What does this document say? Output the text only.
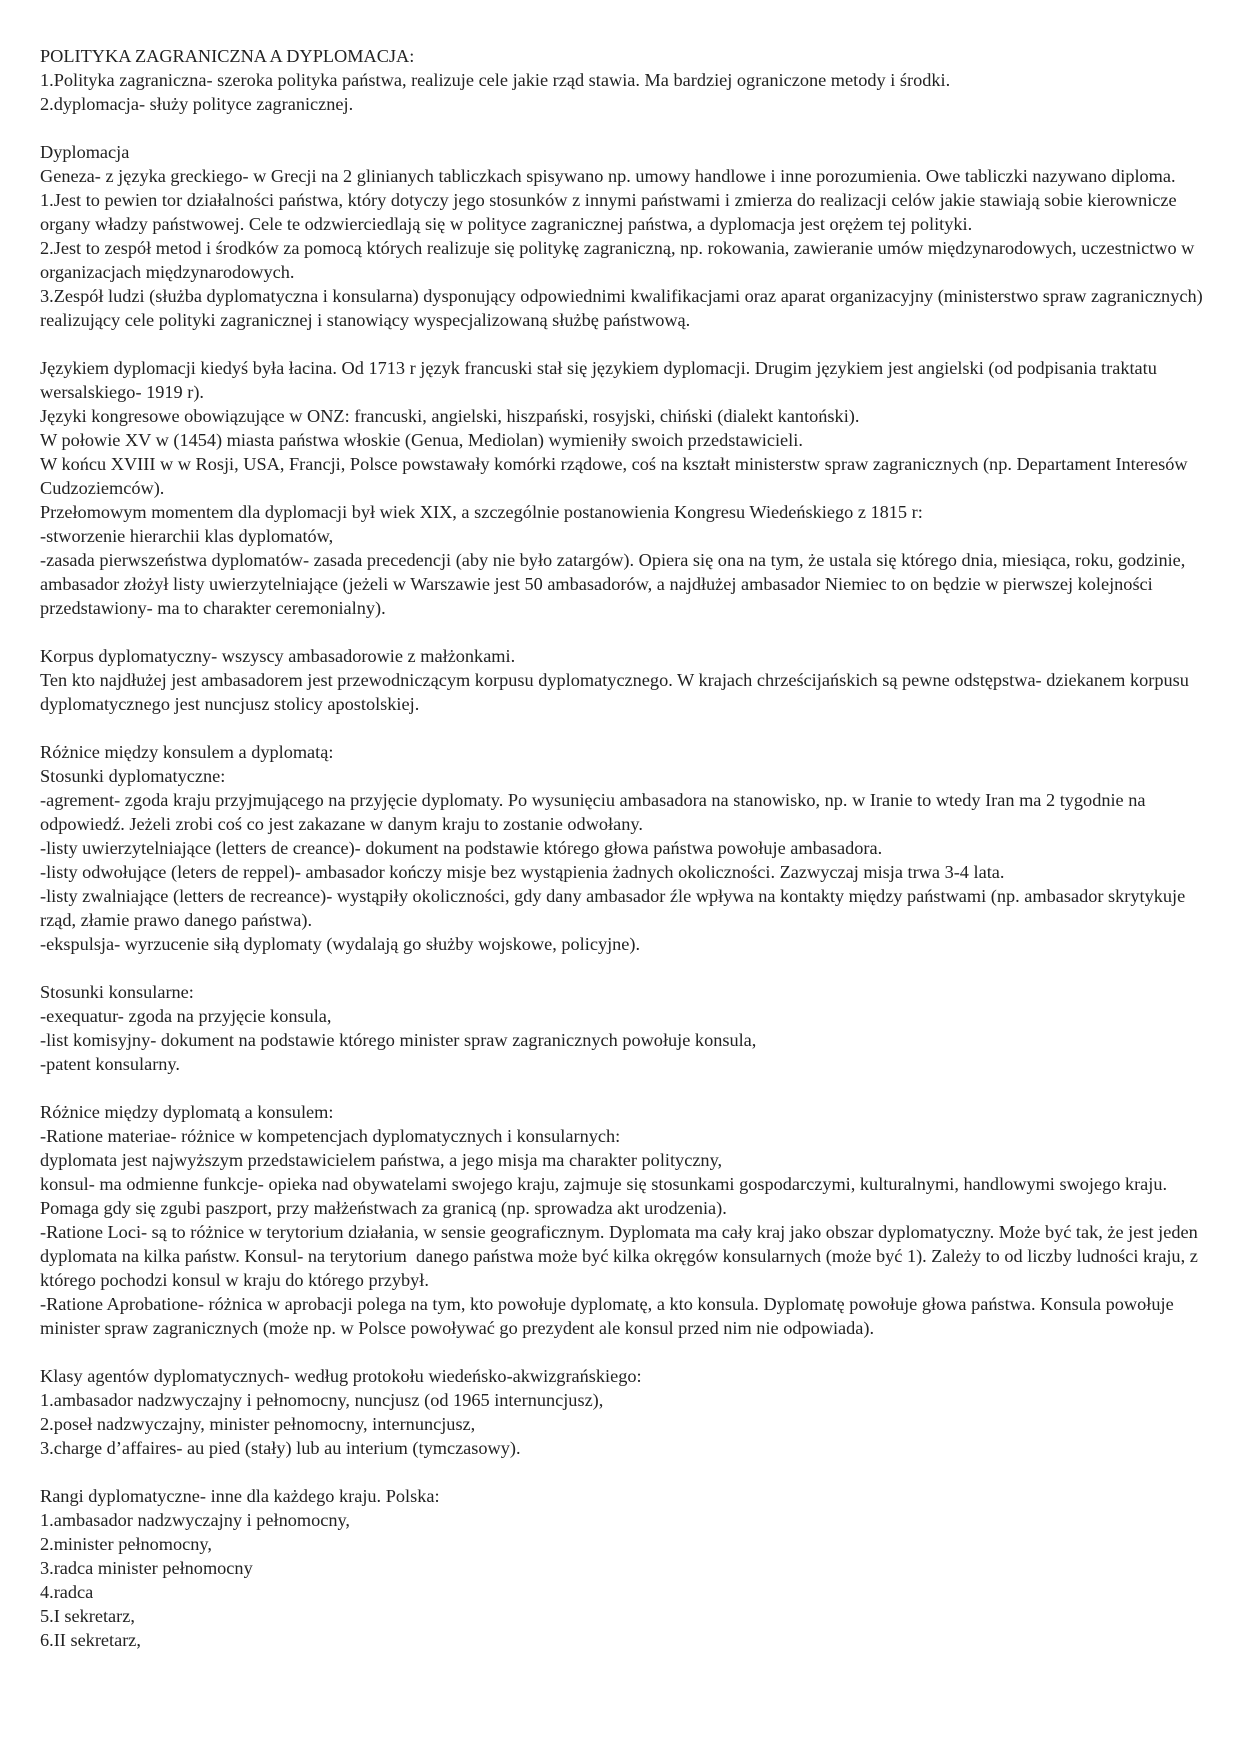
POLITYKA ZAGRANICZNA A DYPLOMACJA:

1.Polityka zagraniczna- szeroka polityka państwa, realizuje cele jakie rząd stawia. Ma bardziej ograniczone metody i środki.

2.dyplomacja- służy polityce zagranicznej.

Dyplomacja

Geneza- z języka greckiego- w Grecji na 2 glinianych tabliczkach spisywano np. umowy handlowe i inne porozumienia. Owe tabliczki nazywano diploma.

1.Jest to pewien tor działalności państwa, który dotyczy jego stosunków z innymi państwami i zmierza do realizacji celów jakie stawiają sobie kierownicze organy władzy państwowej. Cele te odzwierciedlają się w polityce zagranicznej państwa, a dyplomacja jest orężem tej polityki.

2.Jest to zespół metod i środków za pomocą których realizuje się politykę zagraniczną, np. rokowania, zawieranie umów międzynarodowych, uczestnictwo w organizacjach międzynarodowych.

3.Zespół ludzi (służba dyplomatyczna i konsularna) dysponujący odpowiednimi kwalifikacjami oraz aparat organizacyjny (ministerstwo spraw zagranicznych) realizujący cele polityki zagranicznej i stanowiący wyspecjalizowaną służbę państwową.

Językiem dyplomacji kiedyś była łacina. Od 1713 r język francuski stał się językiem dyplomacji. Drugim językiem jest angielski (od podpisania traktatu wersalskiego- 1919 r).

Języki kongresowe obowiązujące w ONZ: francuski, angielski, hiszpański, rosyjski, chiński (dialekt kantoński).

W połowie XV w (1454) miasta państwa włoskie (Genua, Mediolan) wymieniły swoich przedstawicieli.

W końcu XVIII w w Rosji, USA, Francji, Polsce powstawały komórki rządowe, coś na kształt ministerstw spraw zagranicznych (np. Departament Interesów Cudzoziemców).

Przełomowym momentem dla dyplomacji był wiek XIX, a szczególnie postanowienia Kongresu Wiedeńskiego z 1815 r:

-stworzenie hierarchii klas dyplomatów,

-zasada pierwszeństwa dyplomatów- zasada precedencji (aby nie było zatargów). Opiera się ona na tym, że ustala się którego dnia, miesiąca, roku, godzinie, ambasador złożył listy uwierzytelniające (jeżeli w Warszawie jest 50 ambasadorów, a najdłużej ambasador Niemiec to on będzie w pierwszej kolejności przedstawiony- ma to charakter ceremonialny).

Korpus dyplomatyczny- wszyscy ambasadorowie z małżonkami.

Ten kto najdłużej jest ambasadorem jest przewodniczącym korpusu dyplomatycznego. W krajach chrześcijańskich są pewne odstępstwa- dziekanem korpusu dyplomatycznego jest nuncjusz stolicy apostolskiej.

Różnice między konsulem a dyplomatą:

Stosunki dyplomatyczne:

-agrement- zgoda kraju przyjmującego na przyjęcie dyplomaty. Po wysunięciu ambasadora na stanowisko, np. w Iranie to wtedy Iran ma 2 tygodnie na odpowiedź. Jeżeli zrobi coś co jest zakazane w danym kraju to zostanie odwołany.

-listy uwierzytelniające (letters de creance)- dokument na podstawie którego głowa państwa powołuje ambasadora.

-listy odwołujące (leters de reppel)- ambasador kończy misje bez wystąpienia żadnych okoliczności. Zazwyczaj misja trwa 3-4 lata.

-listy zwalniające (letters de recreance)- wystąpiły okoliczności, gdy dany ambasador źle wpływa na kontakty między państwami (np. ambasador skrytykuje rząd, złamie prawo danego państwa).

-ekspulsja- wyrzucenie siłą dyplomaty (wydalają go służby wojskowe, policyjne).

Stosunki konsularne:

-exequatur- zgoda na przyjęcie konsula,

-list komisyjny- dokument na podstawie którego minister spraw zagranicznych powołuje konsula,

-patent konsularny.

Różnice między dyplomatą a konsulem:

-Ratione materiae- różnice w kompetencjach dyplomatycznych i konsularnych:

dyplomata jest najwyższym przedstawicielem państwa, a jego misja ma charakter polityczny,

konsul- ma odmienne funkcje- opieka nad obywatelami swojego kraju, zajmuje się stosunkami gospodarczymi, kulturalnymi, handlowymi swojego kraju. Pomaga gdy się zgubi paszport, przy małżeństwach za granicą (np. sprowadza akt urodzenia).

-Ratione Loci- są to różnice w terytorium działania, w sensie geograficznym. Dyplomata ma cały kraj jako obszar dyplomatyczny. Może być tak, że jest jeden dyplomata na kilka państw. Konsul- na terytorium  danego państwa może być kilka okręgów konsularnych (może być 1). Zależy to od liczby ludności kraju, z którego pochodzi konsul w kraju do którego przybył.

-Ratione Aprobatione- różnica w aprobacji polega na tym, kto powołuje dyplomatę, a kto konsula. Dyplomatę powołuje głowa państwa. Konsula powołuje minister spraw zagranicznych (może np. w Polsce powoływać go prezydent ale konsul przed nim nie odpowiada).

Klasy agentów dyplomatycznych- według protokołu wiedeńsko-akwizgrańskiego:

1.ambasador nadzwyczajny i pełnomocny, nuncjusz (od 1965 internuncjusz),

2.poseł nadzwyczajny, minister pełnomocny, internuncjusz,

3.charge d’affaires- au pied (stały) lub au interium (tymczasowy).

Rangi dyplomatyczne- inne dla każdego kraju. Polska:

1.ambasador nadzwyczajny i pełnomocny,

2.minister pełnomocny,

3.radca minister pełnomocny

4.radca

5.I sekretarz,

6.II sekretarz,
